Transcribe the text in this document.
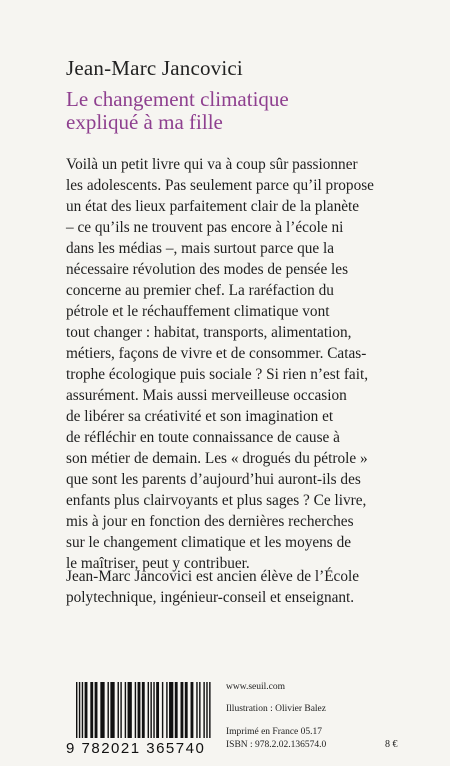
Jean-Marc Jancovici
Le changement climatique
expliqué à ma fille
Voilà un petit livre qui va à coup sûr passionner
les adolescents. Pas seulement parce qu’il propose
un état des lieux parfaitement clair de la planète
– ce qu’ils ne trouvent pas encore à l’école ni
dans les médias –, mais surtout parce que la
nécessaire révolution des modes de pensée les
concerne au premier chef. La raréfaction du
pétrole et le réchauffement climatique vont
tout changer : habitat, transports, alimentation,
métiers, façons de vivre et de consommer. Catas-
trophe écologique puis sociale ? Si rien n’est fait,
assurément. Mais aussi merveilleuse occasion
de libérer sa créativité et son imagination et
de réfléchir en toute connaissance de cause à
son métier de demain. Les « drogués du pétrole »
que sont les parents d’aujourd’hui auront-ils des
enfants plus clairvoyants et plus sages ? Ce livre,
mis à jour en fonction des dernières recherches
sur le changement climatique et les moyens de
le maîtriser, peut y contribuer.
Jean-Marc Jancovici est ancien élève de l’École
polytechnique, ingénieur-conseil et enseignant.
9 782021 365740
www.seuil.com
Illustration : Olivier Balez
Imprimé en France 05.17
ISBN : 978.2.02.136574.0	8 €
